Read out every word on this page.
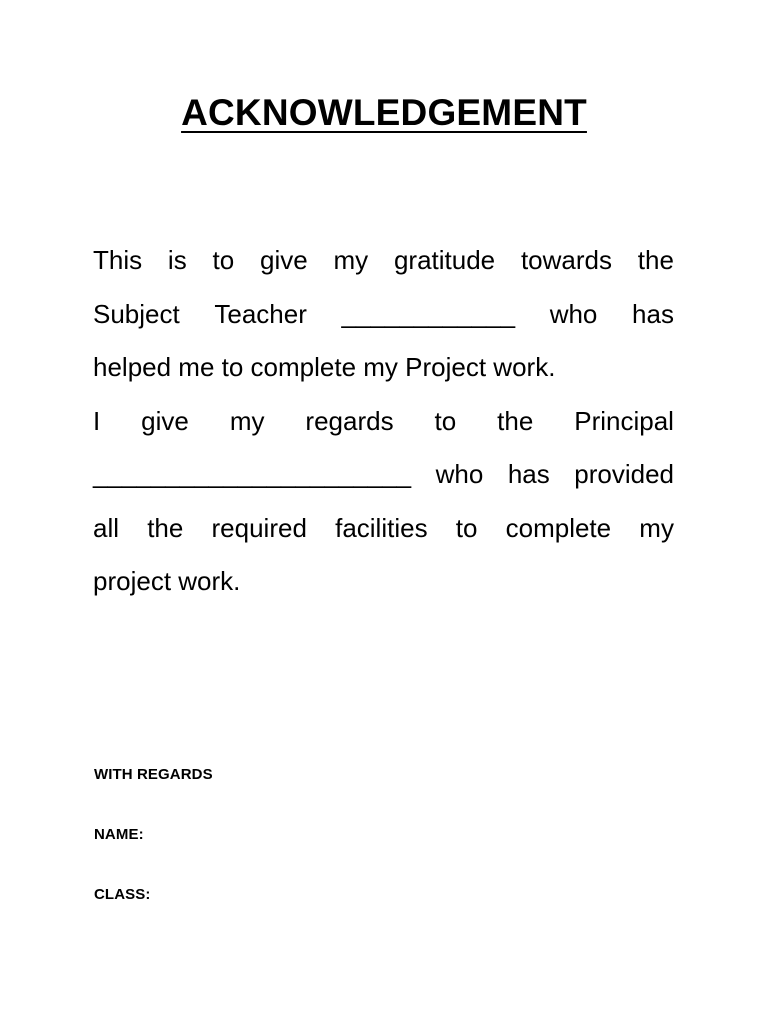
ACKNOWLEDGEMENT
This is to give my gratitude towards the
Subject Teacher ____________ who has
helped me to complete my Project work.
I give my regards to the Principal
______________________ who has provided
all the required facilities to complete my
project work.
WITH REGARDS
NAME:
CLASS:
